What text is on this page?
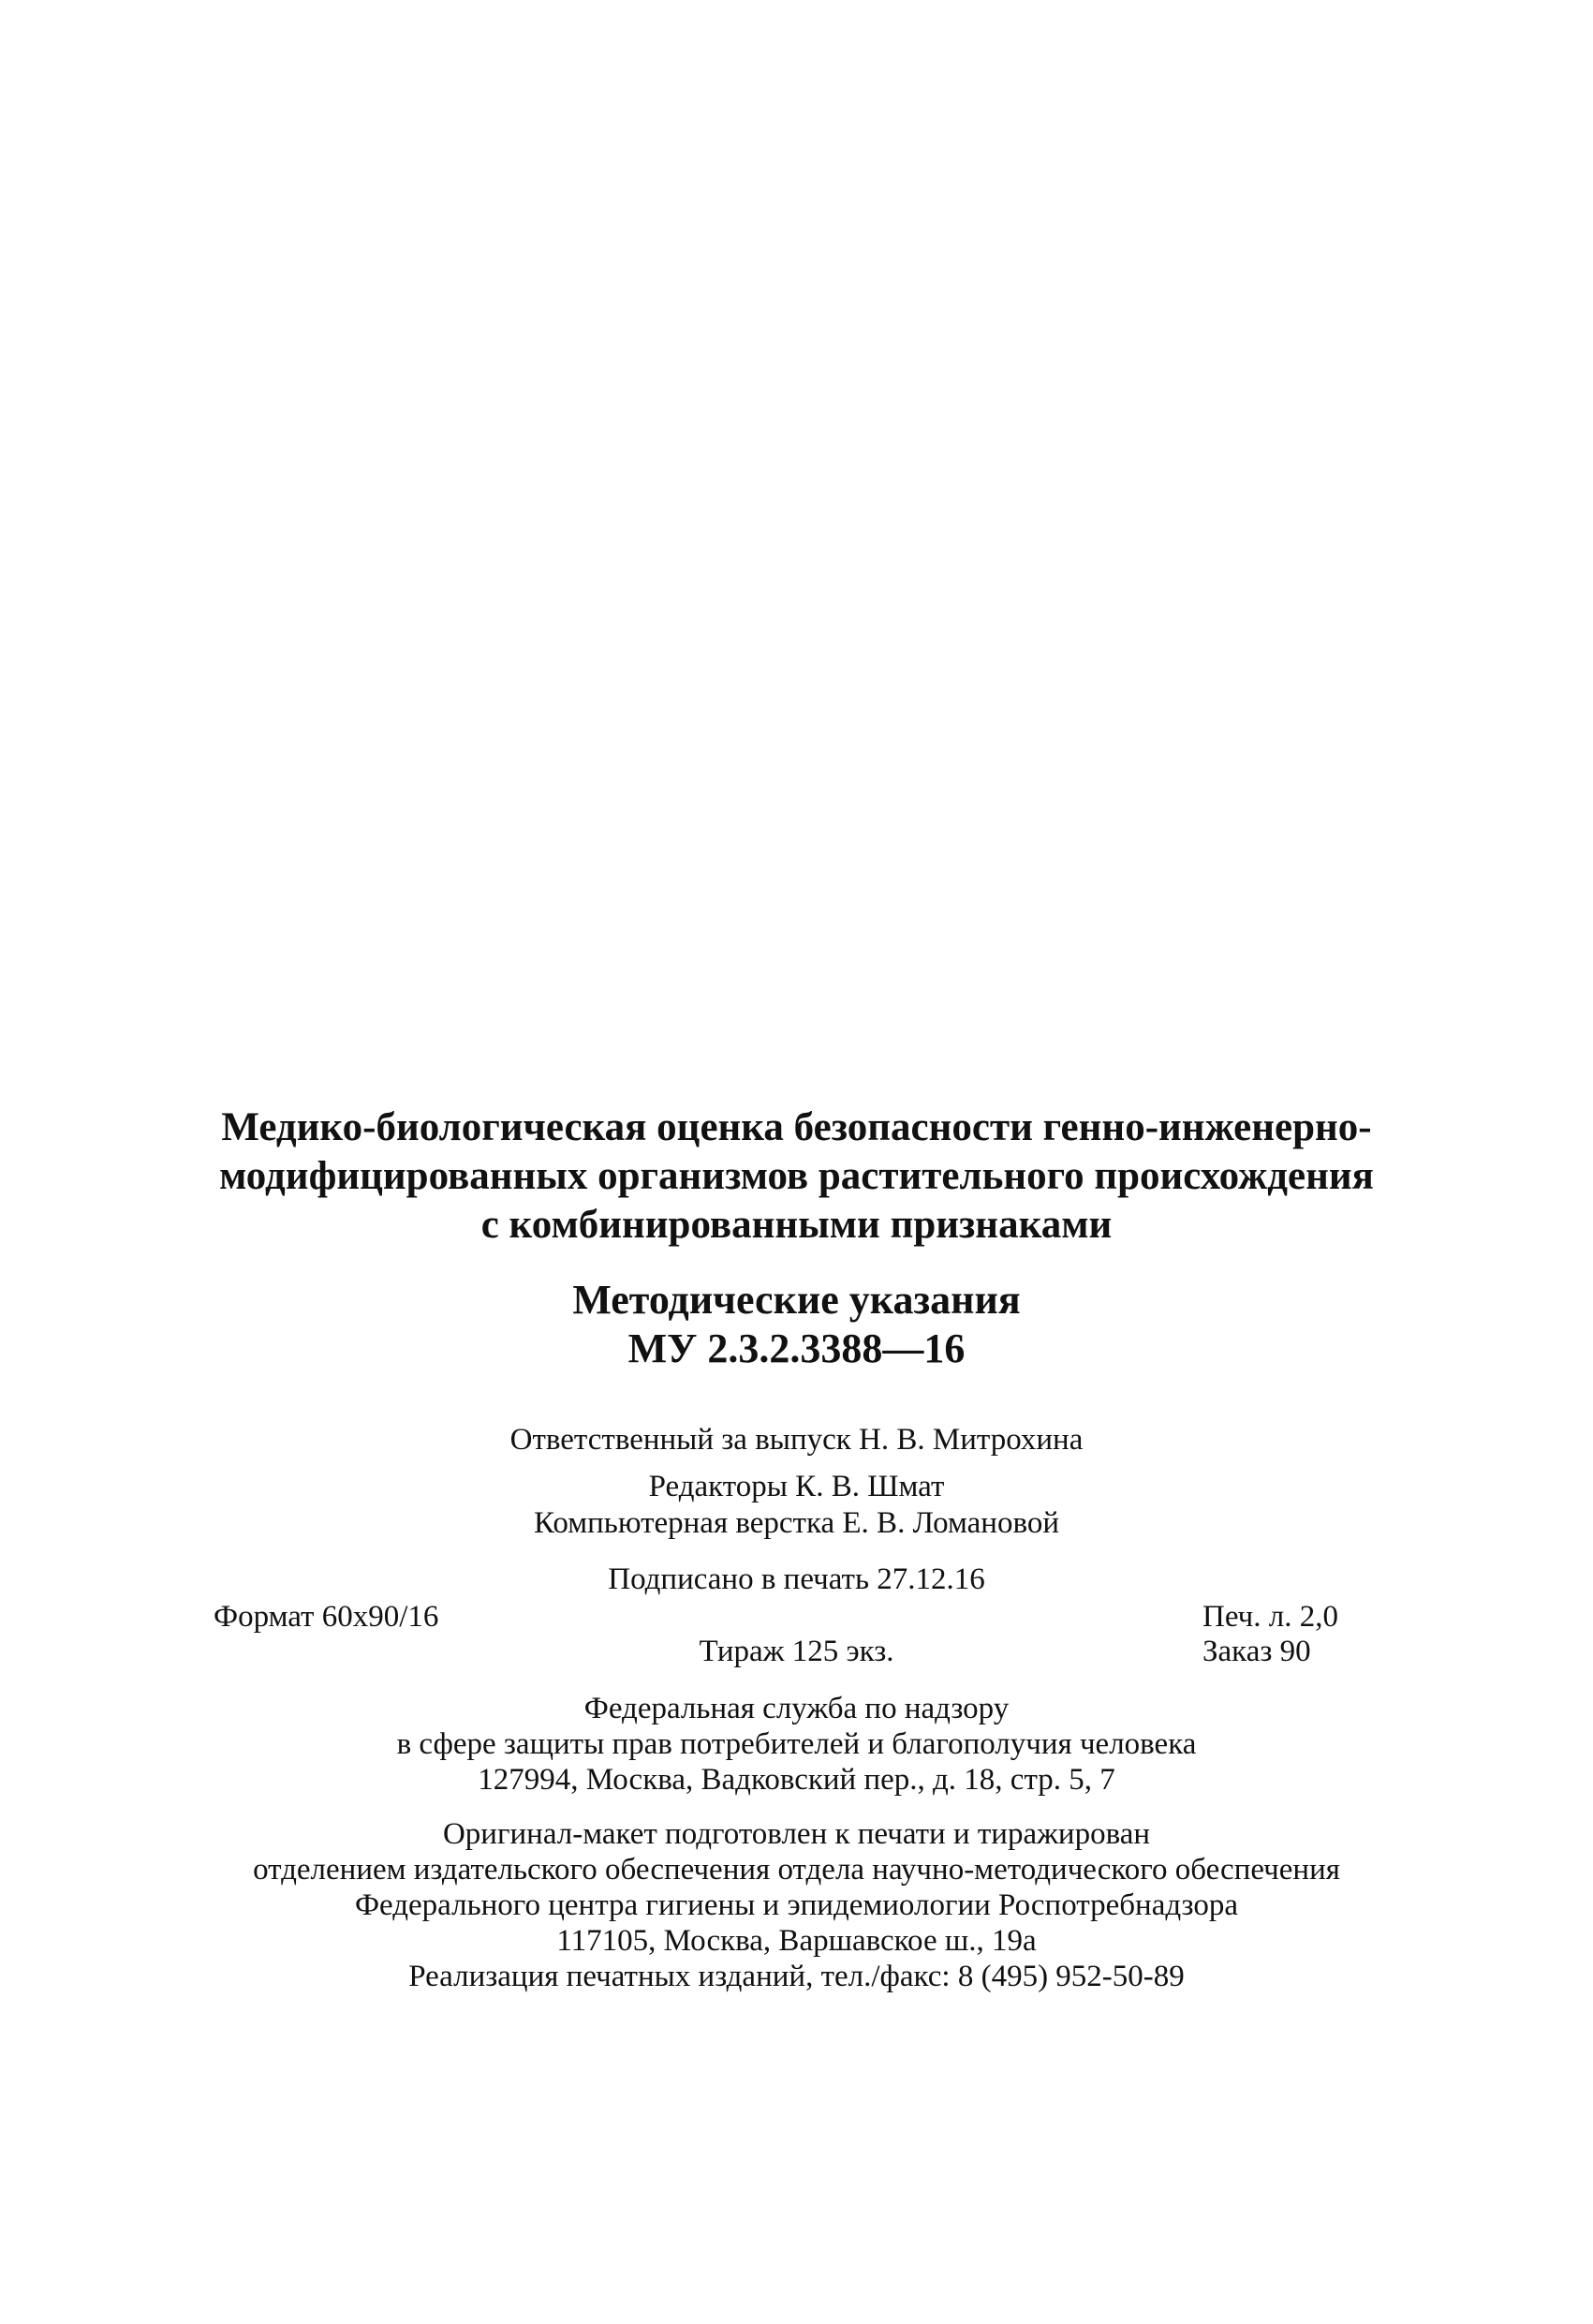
Медико-биологическая оценка безопасности генно-инженерно-
модифицированных организмов растительного происхождения
с комбинированными признаками
Методические указания
МУ 2.3.2.3388—16
Ответственный за выпуск Н. В. Митрохина
Редакторы К. В. Шмат
Компьютерная верстка Е. В. Ломановой
Подписано в печать 27.12.16
Формат 60x90/16	Печ. л. 2,0
Тираж 125 экз.	Заказ 90
Федеральная служба по надзору
в сфере защиты прав потребителей и благополучия человека
127994, Москва, Вадковский пер., д. 18, стр. 5, 7
Оригинал-макет подготовлен к печати и тиражирован
отделением издательского обеспечения отдела научно-методического обеспечения
Федерального центра гигиены и эпидемиологии Роспотребнадзора
117105, Москва, Варшавское ш., 19а
Реализация печатных изданий, тел./факс: 8 (495) 952-50-89
